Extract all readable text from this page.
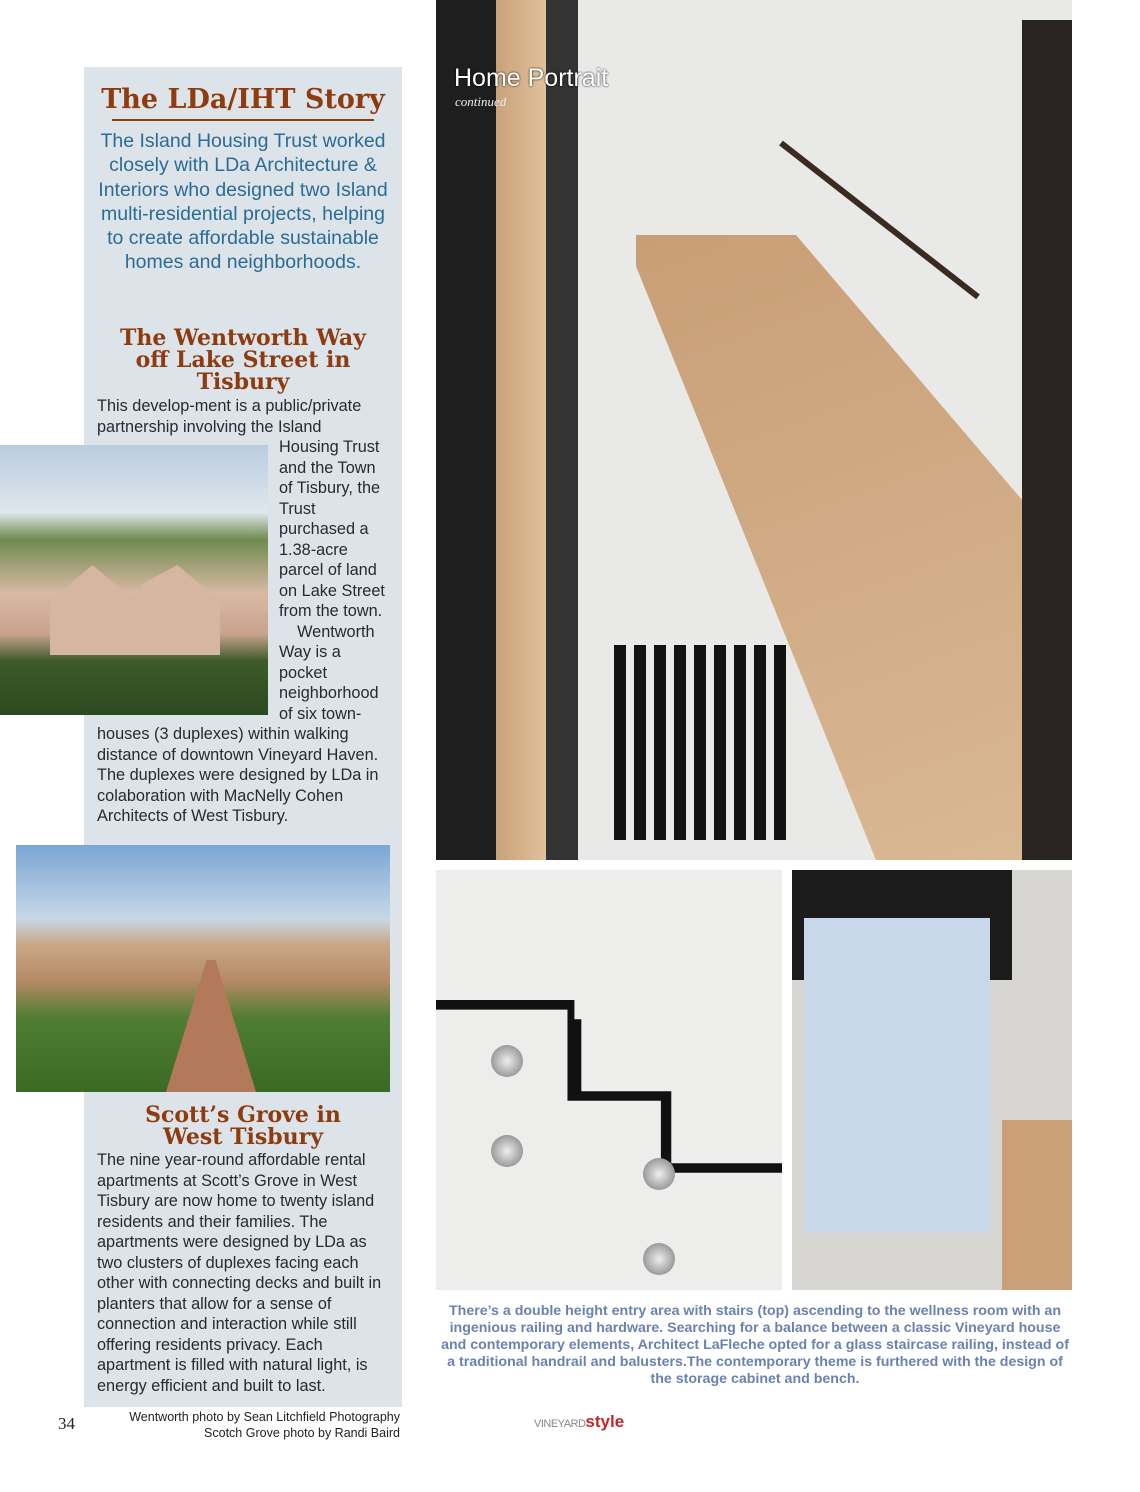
The LDa/IHT Story
The Island Housing Trust worked closely with LDa Architecture & Interiors who designed two Island multi-residential projects, helping to create affordable sustainable homes and neighborhoods.
The Wentworth Way
off Lake Street in
Tisbury
This develop-ment is a public/private
partnership involving the Island
Housing Trust
and the Town
of Tisbury, the
Trust
purchased a
1.38-acre
parcel of land
on Lake Street
from the town.
Wentworth
Way is a
pocket
neighborhood
of six town-
houses (3 duplexes) within walking
distance of downtown Vineyard Haven.
The duplexes were designed by LDa in
colaboration with MacNelly Cohen
Architects of West Tisbury.
Scott’s Grove in
West Tisbury
The nine year-round affordable rental
apartments at Scott’s Grove in West
Tisbury are now home to twenty island
residents and their families. The
apartments were designed by LDa as
two clusters of duplexes facing each
other with connecting decks and built in
planters that allow for a sense of
connection and interaction while still
offering residents privacy. Each
apartment is filled with natural light, is
energy efficient and built to last.
Home Portrait
continued
There’s a double height entry area with stairs (top) ascending to the wellness room with an ingenious railing and hardware. Searching for a balance between a classic Vineyard house and contemporary elements, Architect LaFleche opted for a glass staircase railing, instead of a traditional handrail and balusters.The contemporary theme is furthered with the design of the storage cabinet and bench.
34	Wentworth photo by Sean Litchfield Photography
Scotch Grove photo by Randi Baird
VINEYARDstyle
